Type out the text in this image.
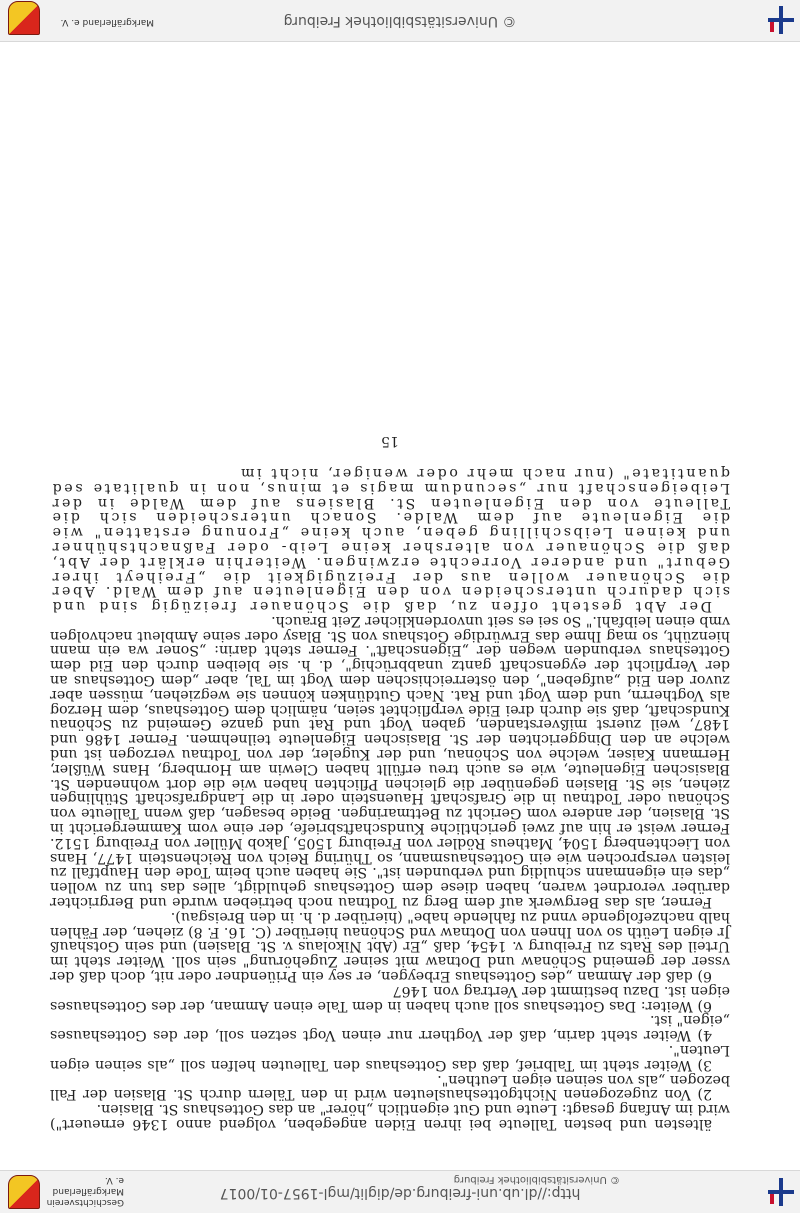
http://dl.ub.uni-freiburg.de/diglit/mgl-1957-01/0017
© Universitätsbibliothek Freiburg
Geschichtsverein Markgräflerland e. V.

ältesten und besten Talleute bei ihren Eiden angegeben, volgend anno 1346 erneuert") wird im Anfang gesagt: Leute und Gut eigentlich „hörer" an das Gotteshaus St. Blasien.

2) Von zugezogenen Nichtgotteshausleuten wird in den Tälern durch St. Blasien der Fall bezogen „als von seinen eigen Leuthen".

3) Weiter steht im Talbrief, daß das Gotteshaus den Talleuten helfen soll „als seinen eigen Leuten".

4) Weiter steht darin, daß der Vogtherr nur einen Vogt setzen soll, der des Gotteshauses „eigen" ist.

6) Weiter: Das Gotteshaus soll auch haben in dem Tale einen Amman, der des Gotteshauses eigen ist. Dazu bestimmt der Vertrag von 1467

6) daß der Amman „des Gotteshaus Erbeygen, er sey ein Priüendner oder nit, doch daß der vsser der gemeind Schönaw und Dotnaw mit seiner Zugehörung" sein soll. Weiter steht im Urteil des Rats zu Freiburg v. 1454, daß „Er (Abt Nikolaus v. St. Blasien) und sein Gotshauß Jr eigen Leüth so von Ihnen von Dotnaw vnd Schönau hierüber (C. 16. F. 8) ziehen, der Fählen halb nachzefolgende vnnd zu fahlende habe" (hierüber d. h. in den Breisgau).

Ferner, als das Bergwerk auf dem Berg zu Todtnau noch betrieben wurde und Bergrichter darüber verordnet waren, haben diese dem Gotteshaus gehuldigt, alles das tun zu wollen „das ein eigenmann schuldig und verbunden ist". Sie haben auch beim Tode den Hauptfall zu leisten versprochen wie ein Gotteshausmann, so Thüring Reich von Reichenstein 1477, Hans von Liechtenberg 1504, Matheus Rödler von Freiburg 1505, Jakob Müller von Freiburg 1512. Ferner weist er hin auf zwei gerichtliche Kundschaftsbriefe, der eine vom Kammergericht in St. Blasien, der andere vom Gericht zu Bettmaringen. Beide besagen, daß wenn Talleute von Schönau oder Todtnau in die Grafschaft Hauenstein oder in die Landgrafschaft Stühlingen ziehen, sie St. Blasien gegenüber die gleichen Pflichten haben wie die dort wohnenden St. Blasischen Eigenleute, wie es auch treu erfüllt haben Clewin am Hornberg, Hans Wüßler, Hermann Kaiser, welche von Schönau, und der Kugeler, der von Todtnau verzogen ist und welche an den Dinggerichten der St. Blasischen Eigenleute teilnehmen. Ferner 1486 und 1487, weil zuerst mißverstanden, gaben Vogt und Rat und ganze Gemeind zu Schönau Kundschaft, daß sie durch drei Eide verpflichtet seien, nämlich dem Gotteshaus, dem Herzog als Vogtherrn, und dem Vogt und Rat. Nach Gutdünken können sie wegziehen, müssen aber zuvor den Eid „aufgeben", den österreichischen dem Vogt im Tal, aber „dem Gotteshaus an der Verpflicht der eygenschaft gantz unabbrüchig", d. h. sie bleiben durch den Eid dem Gotteshaus verbunden wegen der „Eigenschaft". Ferner steht darin: „Soner wa ein mann hienzüht, so mag Ihme das Erwürdige Gotshaus von St. Blasy oder seine Ambleut nachvolgen vmb einen leibfahl." So sei es seit unvordenklicher Zeit Brauch.

Der Abt gesteht offen zu, daß die Schönauer freizügig sind und sich dadurch unterscheiden von den Eigenleuten auf dem Wald. Aber die Schönauer wollen aus der Freizügigkeit die „Freiheyt ihrer Geburt" und anderer Vorrechte erzwingen. Weiterhin erklärt der Abt, daß die Schönauer von altersher keine Leib- oder Faßnachtshühner und keinen Leibschilling geben, auch keine „Fronung erstatten" wie die Eigenleute auf dem Walde. Sonach unterscheiden sich die Talleute von den Eigenleuten St. Blasiens auf dem Walde in der Leibeigenschaft nur „secundum magis et minus, non in qualitate sed quantitate" (nur nach mehr oder weniger, nicht im

15
© Universitätsbibliothek Freiburg
Markgräflerland e. V.
